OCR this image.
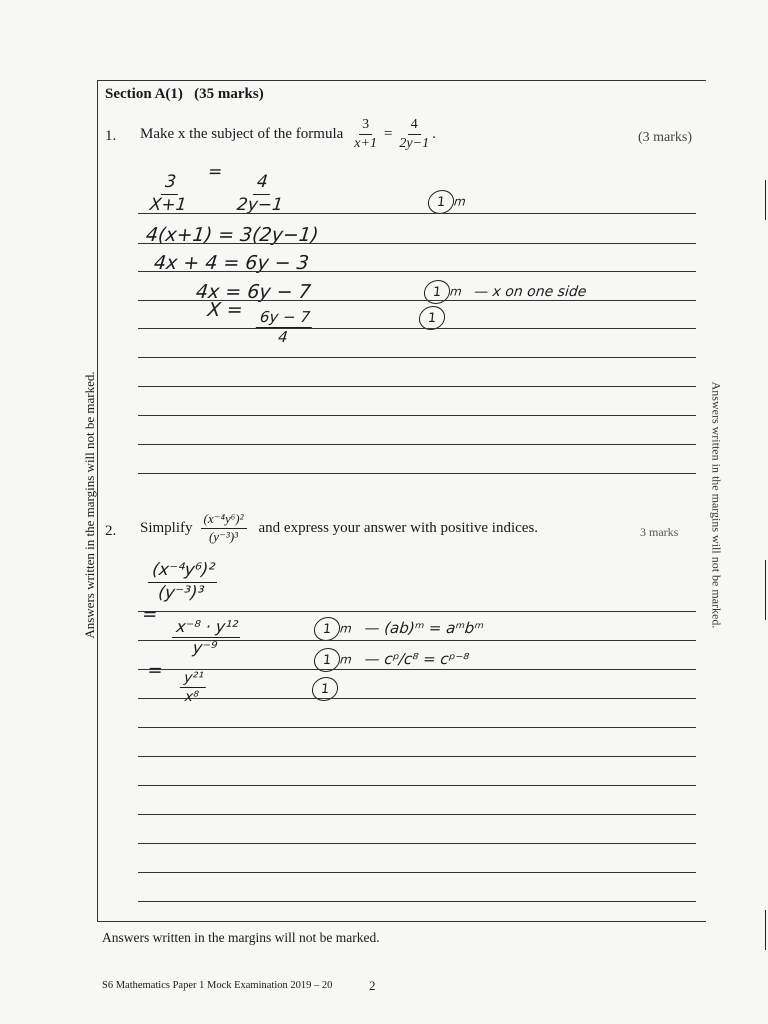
Answers written in the margins will not be marked.	Answers written in the margins will not be marked.
Section A(1)   (35 marks)
1. Make x the subject of the formula $\frac{3}{x+1} = \frac{4}{2y-1}$ .	(3 marks)
$\frac{3}{X+1}$
=
$\frac{4}{2y-1}$	1 m
4(x+1) = 3(2y−1)
4x + 4 = 6y − 3
4x = 6y − 7	1 m — x on one side
$X = \frac{6y - 7}{4}$	1
2. Simplify $\frac{\text{(x⁻⁴y⁶)²}}{\text{(y⁻³)³}}$ and express your answer with positive indices.	3 marks
$\frac{\text{(x⁻⁴y⁶)²}}{\text{(y⁻³)³}}$
=
$\frac{\text{x⁻⁸ · y¹²}}{\text{y⁻⁹}}$	1 m — (ab)ᵐ = aᵐbᵐ
1 m — cᵖ/c⁸ = cᵖ⁻⁸
= $\frac{\text{y²¹}}{\text{x⁸}}$	1
Answers written in the margins will not be marked.
S6 Mathematics Paper 1 Mock Examination 2019 – 20	2
